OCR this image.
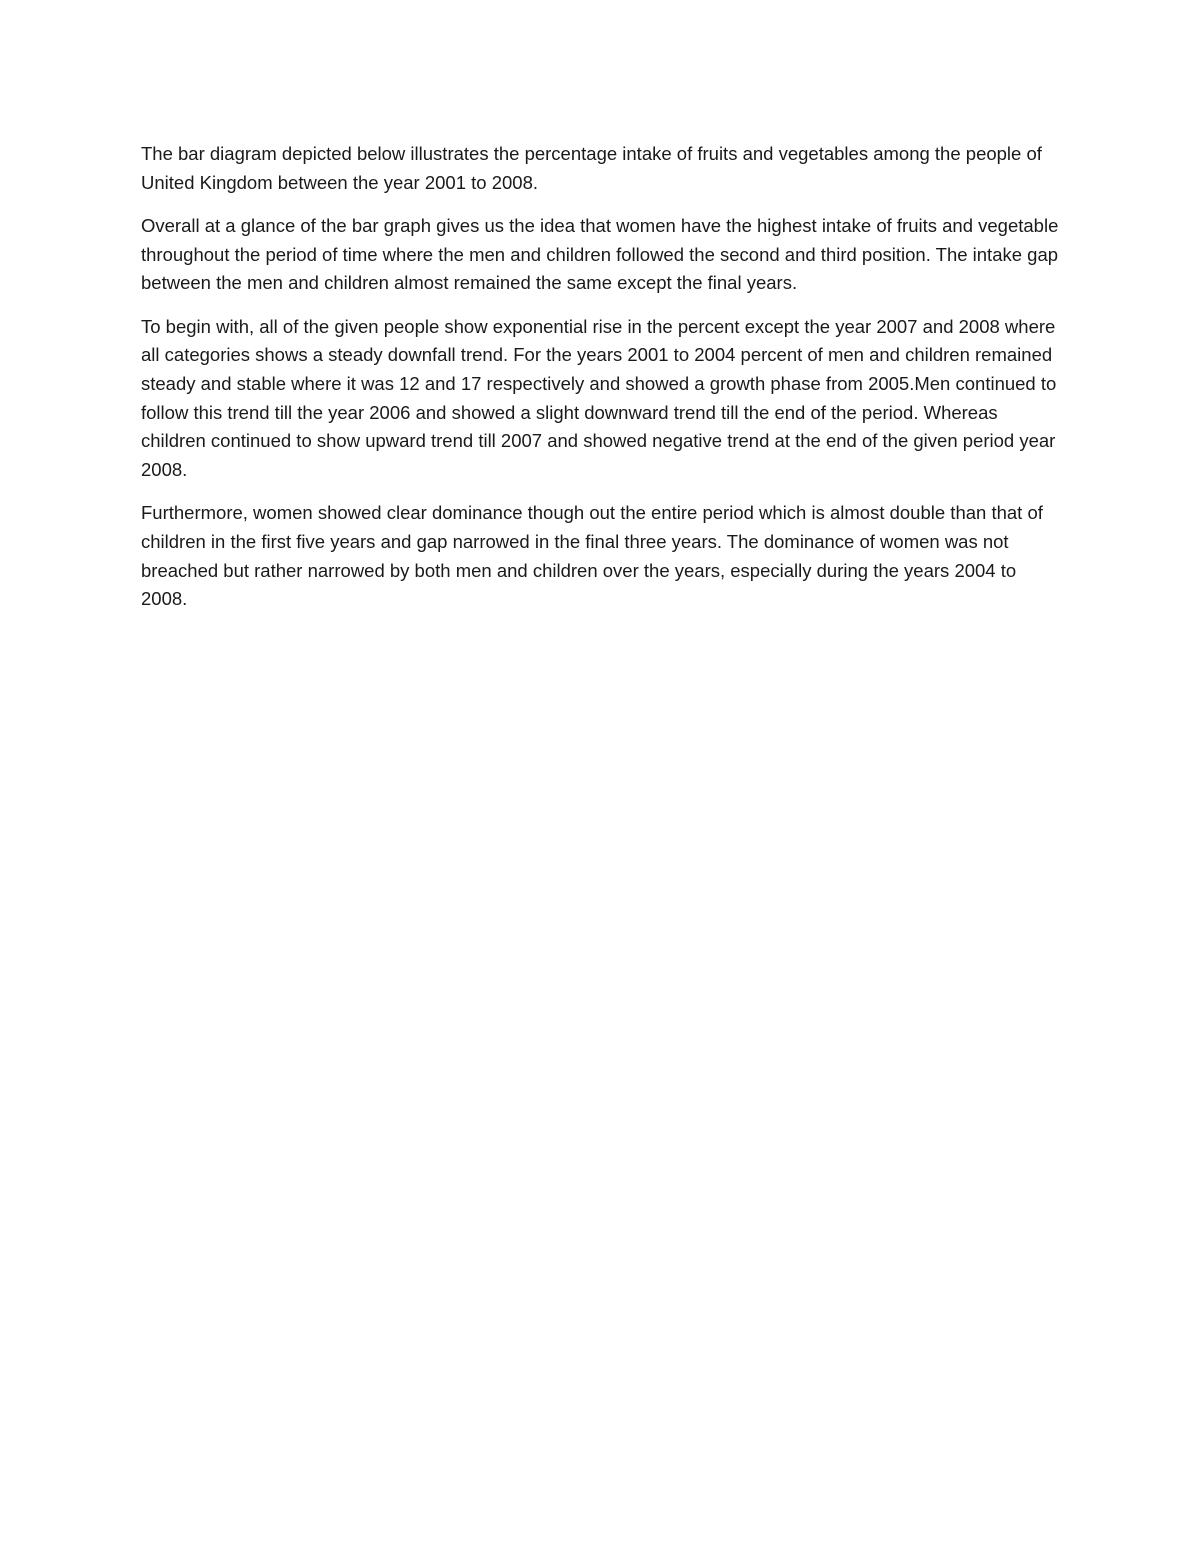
The bar diagram depicted below illustrates the percentage intake of fruits and vegetables among the people of United Kingdom between the year 2001 to 2008.

Overall at a glance of the bar graph gives us the idea that women have the highest intake of fruits and vegetable throughout the period of time where the men and children followed the second and third position. The intake gap between the men and children almost remained the same except the final years.

To begin with, all of the given people show exponential rise in the percent except the year 2007 and 2008 where all categories shows a steady downfall trend. For the years 2001 to 2004 percent of men and children remained steady and stable where it was 12 and 17 respectively and showed a growth phase from 2005.Men continued to follow this trend till the year 2006 and showed a slight downward trend till the end of the period. Whereas children continued to show upward trend till 2007 and showed negative trend at the end of the given period year 2008.

Furthermore, women showed clear dominance though out the entire period which is almost double than that of children in the first five years and gap narrowed in the final three years. The dominance of women was not breached but rather narrowed by both men and children over the years, especially during the years 2004 to 2008.
